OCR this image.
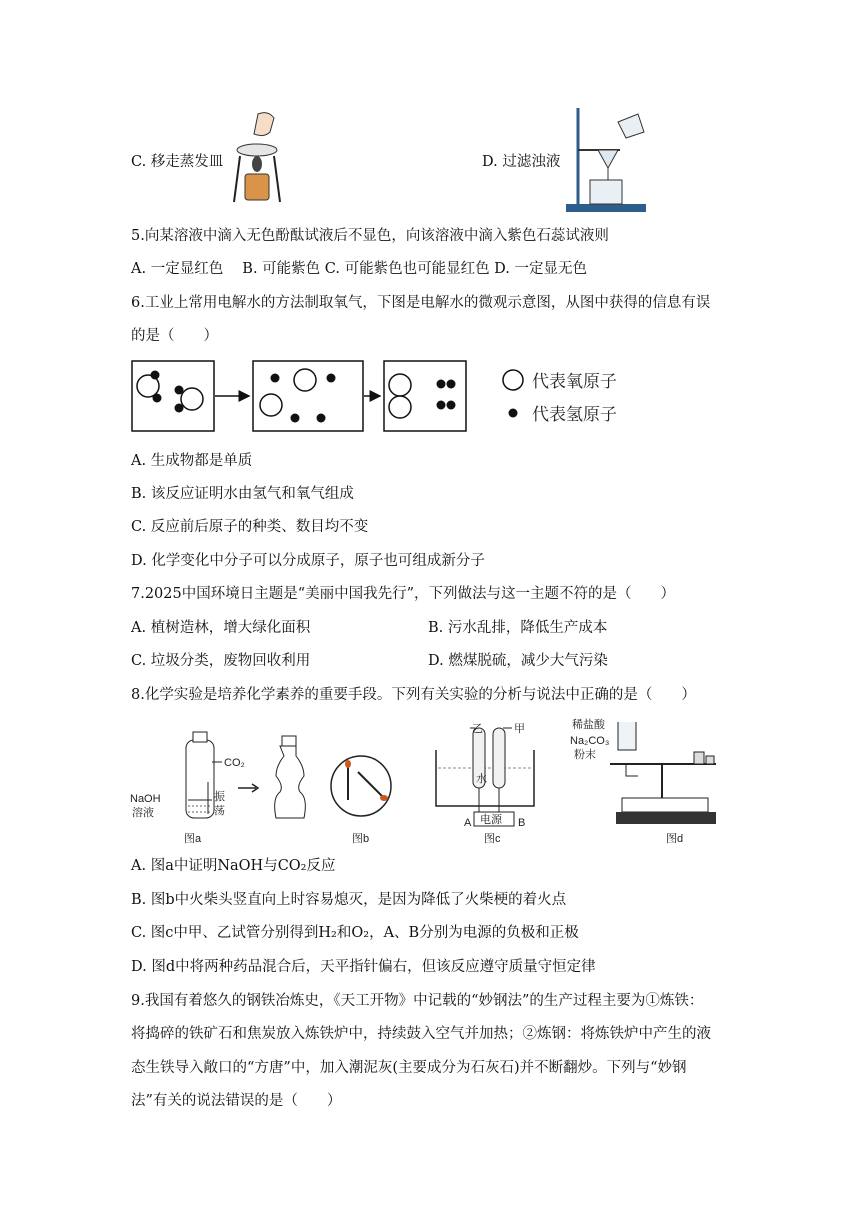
C. 移走蒸发皿	D. 过滤浊液
5.向某溶液中滴入无色酚酞试液后不显色，向该溶液中滴入紫色石蕊试液则
A. 一定显红色　 B. 可能紫色 C. 可能紫色也可能显红色 D. 一定显无色
6.工业上常用电解水的方法制取氧气，下图是电解水的微观示意图，从图中获得的信息有误
的是（　　）
代表氧原子
代表氢原子
A. 生成物都是单质
B. 该反应证明水由氢气和氧气组成
C. 反应前后原子的种类、数目均不变
D. 化学变化中分子可以分成原子，原子也可组成新分子
7.2025中国环境日主题是“美丽中国我先行”，下列做法与这一主题不符的是（　　）
A. 植树造林，增大绿化面积	B. 污水乱排，降低生产成本
C. 垃圾分类，废物回收利用	D. 燃煤脱硫，减少大气污染
8.化学实验是培养化学素养的重要手段。下列有关实验的分析与说法中正确的是（　　）
CO₂
NaOH
溶液
振
荡
图a	图b
乙	甲
水
电源
A	B
图c
稀盐酸
Na₂CO₃
粉末
图d
A. 图a中证明NaOH与CO₂反应
B. 图b中火柴头竖直向上时容易熄灭，是因为降低了火柴梗的着火点
C. 图c中甲、乙试管分别得到H₂和O₂，A、B分别为电源的负极和正极
D. 图d中将两种药品混合后，天平指针偏右，但该反应遵守质量守恒定律
9.我国有着悠久的钢铁冶炼史，《天工开物》中记载的“妙钢法”的生产过程主要为①炼铁：
将捣碎的铁矿石和焦炭放入炼铁炉中，持续鼓入空气并加热；②炼钢：将炼铁炉中产生的液
态生铁导入敞口的“方唐”中，加入潮泥灰(主要成分为石灰石)并不断翻炒。下列与“妙钢
法”有关的说法错误的是（　　）
